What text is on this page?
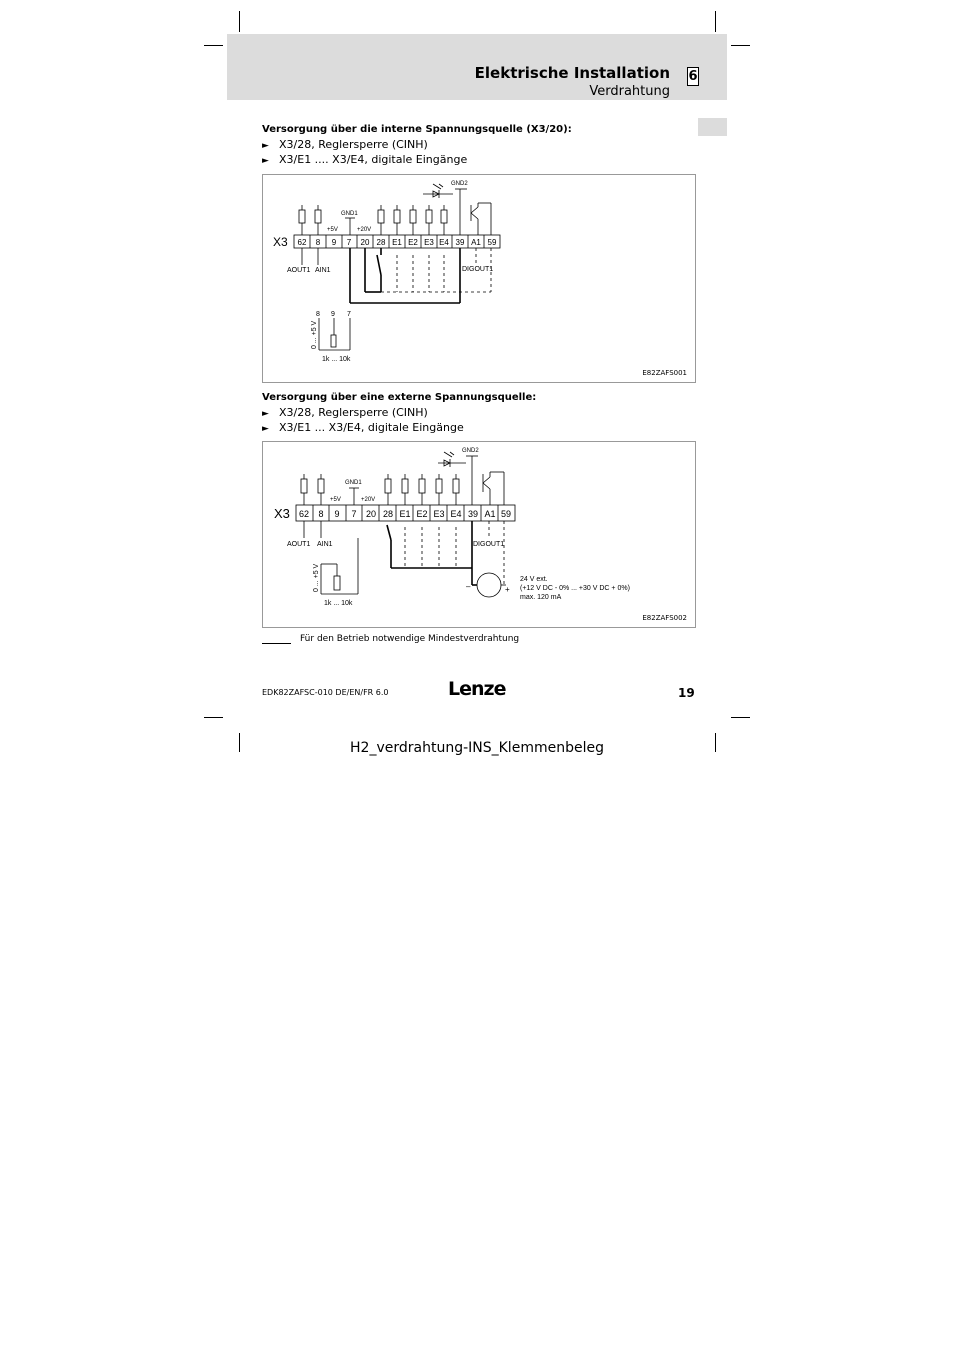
Elektrische Installation
Verdrahtung
6
Versorgung über die interne Spannungsquelle (X3/20):
► X3/28, Reglersperre (CINH)
► X3/E1 .... X3/E4, digitale Eingänge
62 8 9 7 20 28 E1 E2 E3 E4 39 A1 59
X3
+5V
GND1
+20V
GND2
AOUT1 AIN1	DIGOUT1
8 9 7
1k ... 10k
0 ... +5 V
E82ZAFS001
Versorgung über eine externe Spannungsquelle:
► X3/28, Reglersperre (CINH)
► X3/E1 ... X3/E4, digitale Eingänge
62 8 9 7 20 28 E1 E2 E3 E4 39 A1 59
X3
+5V
GND1
+20V
GND2
AOUT1 AIN1	DIGOUT1
1k ... 10k
0 ... +5 V	–	+
24 V ext.
(+12 V DC - 0% ... +30 V DC + 0%)
max. 120 mA
E82ZAFS002
Für den Betrieb notwendige Mindestverdrahtung
EDK82ZAFSC-010 DE/EN/FR 6.0	Lenze	19
H2_verdrahtung-INS_Klemmenbeleg
